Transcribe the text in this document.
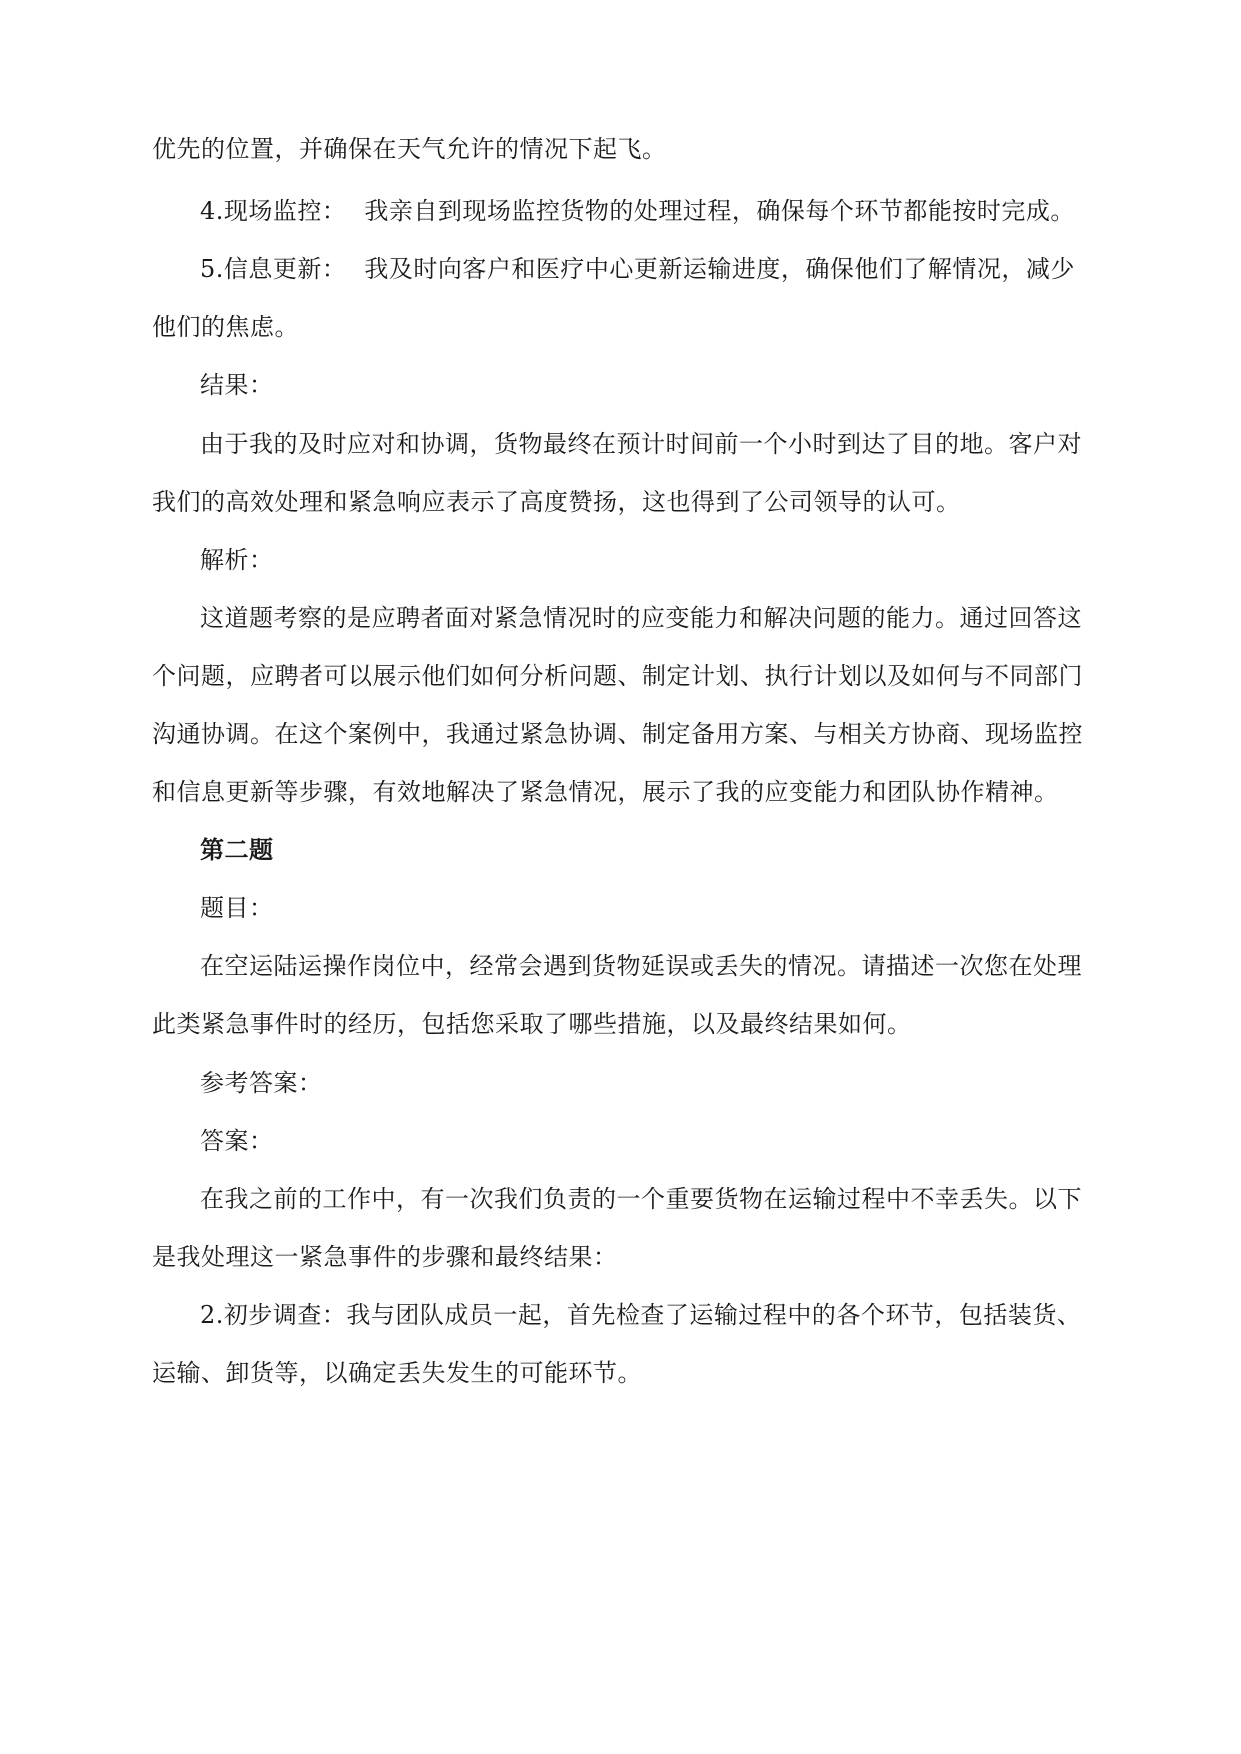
优先的位置，并确保在天气允许的情况下起飞。
4.现场监控： 我亲自到现场监控货物的处理过程，确保每个环节都能按时完成。
5.信息更新： 我及时向客户和医疗中心更新运输进度，确保他们了解情况，减少
他们的焦虑。
结果：
由于我的及时应对和协调，货物最终在预计时间前一个小时到达了目的地。客户对
我们的高效处理和紧急响应表示了高度赞扬，这也得到了公司领导的认可。
解析：
这道题考察的是应聘者面对紧急情况时的应变能力和解决问题的能力。通过回答这
个问题，应聘者可以展示他们如何分析问题、制定计划、执行计划以及如何与不同部门
沟通协调。在这个案例中，我通过紧急协调、制定备用方案、与相关方协商、现场监控
和信息更新等步骤，有效地解决了紧急情况，展示了我的应变能力和团队协作精神。
第二题
题目：
在空运陆运操作岗位中，经常会遇到货物延误或丢失的情况。请描述一次您在处理
此类紧急事件时的经历，包括您采取了哪些措施，以及最终结果如何。
参考答案：
答案：
在我之前的工作中，有一次我们负责的一个重要货物在运输过程中不幸丢失。以下
是我处理这一紧急事件的步骤和最终结果：
2.初步调查：我与团队成员一起，首先检查了运输过程中的各个环节，包括装货、
运输、卸货等，以确定丢失发生的可能环节。
